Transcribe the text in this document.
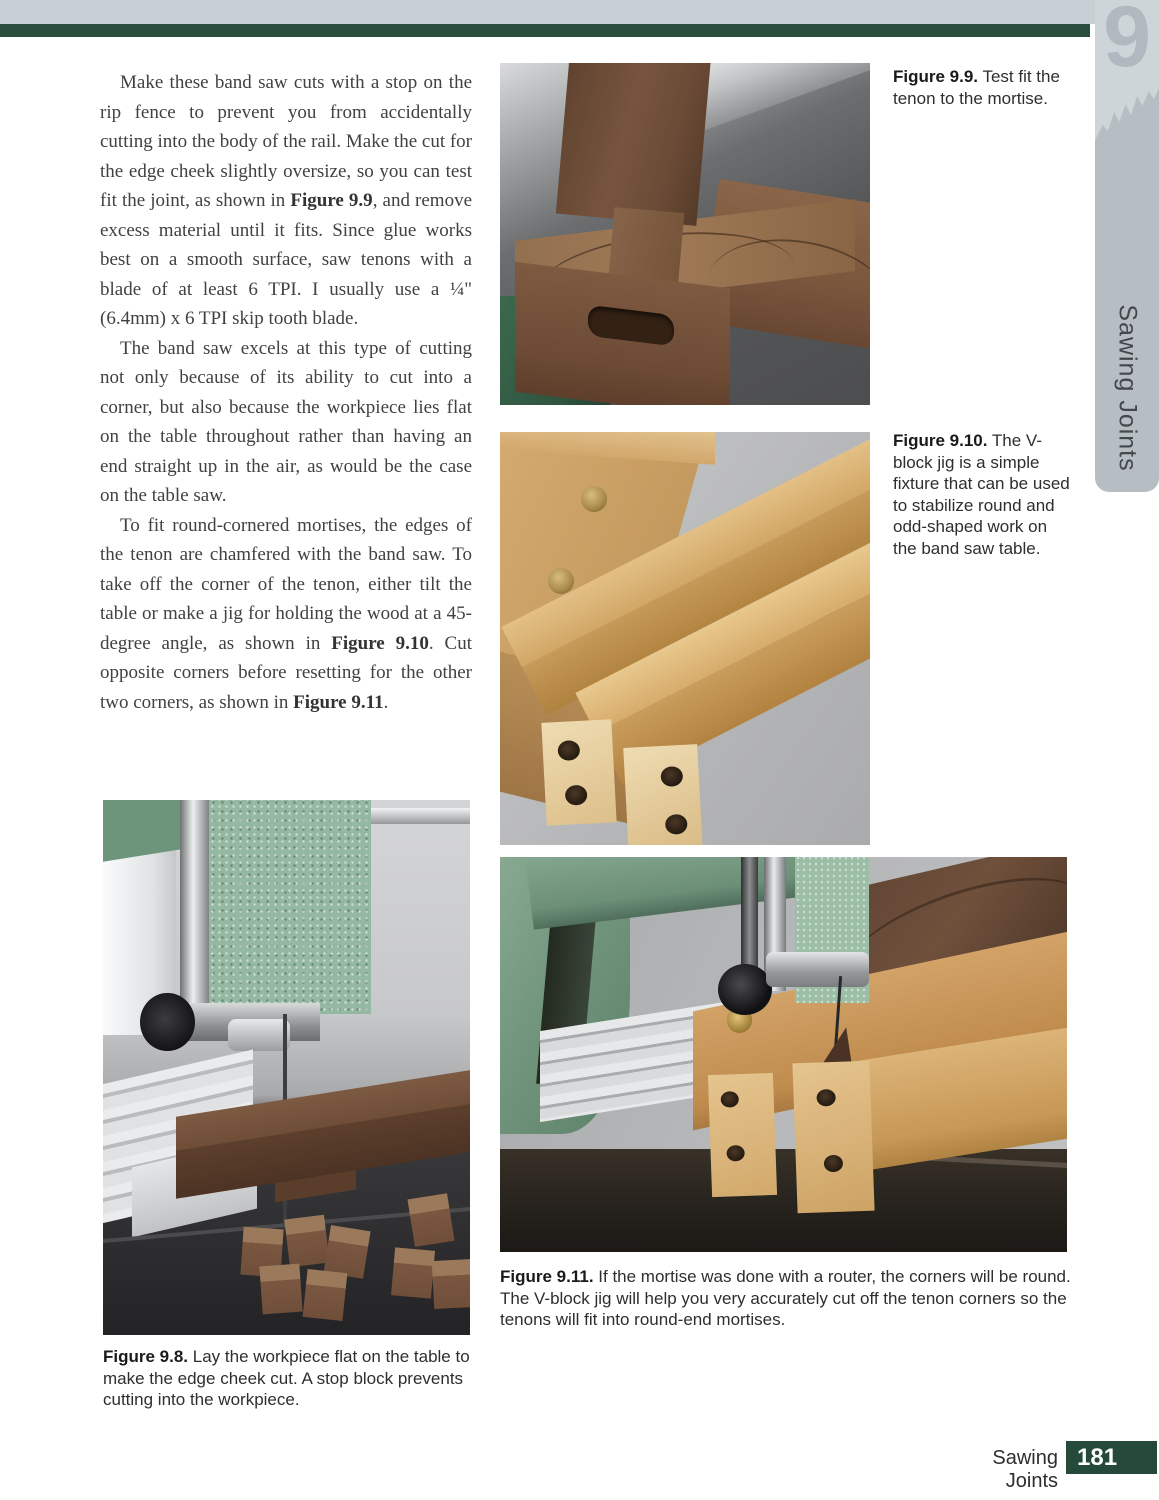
9
Sawing Joints

Make these band saw cuts with a stop on the rip fence to prevent you from accidentally cutting into the body of the rail. Make the cut for the edge cheek slightly oversize, so you can test fit the joint, as shown in Figure 9.9, and remove excess material until it fits. Since glue works best on a smooth surface, saw tenons with a blade of at least 6 TPI. I usually use a ¼" (6.4mm) x 6 TPI skip tooth blade.

The band saw excels at this type of cutting not only because of its ability to cut into a corner, but also because the workpiece lies flat on the table throughout rather than having an end straight up in the air, as would be the case on the table saw.

To fit round-cornered mortises, the edges of the tenon are chamfered with the band saw. To take off the corner of the tenon, either tilt the table or make a jig for holding the wood at a 45-degree angle, as shown in Figure 9.10. Cut opposite corners before resetting for the other two corners, as shown in Figure 9.11.

Figure 9.9. Test fit the tenon to the mortise.
Figure 9.10. The V-block jig is a simple fixture that can be used to stabilize round and odd-shaped work on the band saw table.
Figure 9.8. Lay the workpiece flat on the table to make the edge cheek cut. A stop block prevents cutting into the workpiece.
Figure 9.11. If the mortise was done with a router, the corners will be round. The V-block jig will help you very accurately cut off the tenon corners so the tenons will fit into round-end mortises.
Sawing Joints
181
